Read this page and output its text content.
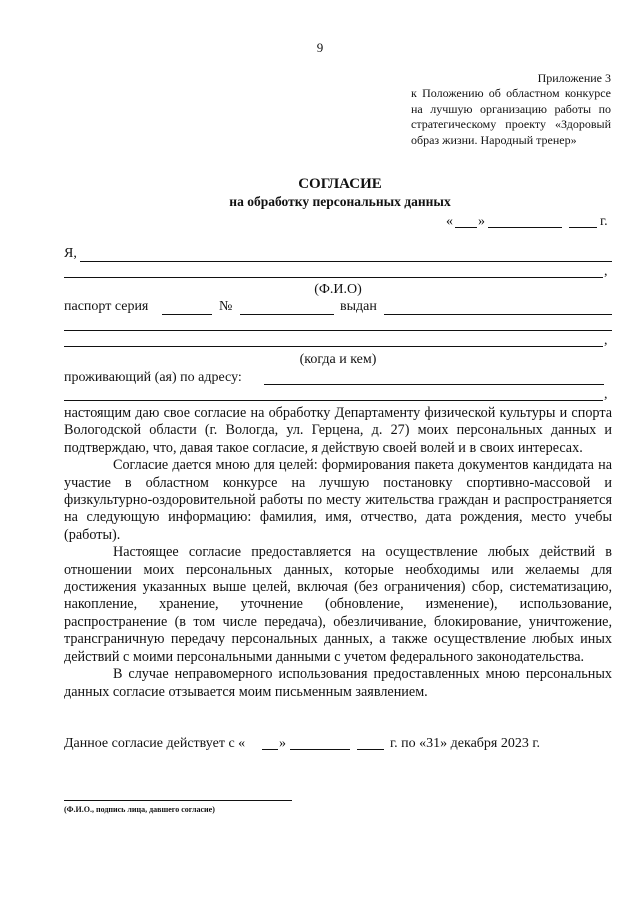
9
Приложение 3
к Положению об областном конкурсе на лучшую организацию работы по стратегическому проекту «Здоровый образ жизни. Народный тренер»
СОГЛАСИЕ
на обработку персональных данных
« »	г.
Я,
,
(Ф.И.О)
паспорт серия	№	выдан
,
(когда и кем)
проживающий (ая) по адресу:
,

настоящим даю свое согласие на обработку Департаменту физической культуры и спорта Вологодской области (г. Вологда, ул. Герцена, д. 27) моих персональных данных и подтверждаю, что, давая такое согласие, я действую своей волей и в своих интересах.

Согласие дается мною для целей: формирования пакета документов кандидата на участие в областном конкурсе на лучшую постановку спортивно-массовой и физкультурно-оздоровительной работы по месту жительства граждан и распространяется на следующую информацию: фамилия, имя, отчество, дата рождения, место учебы (работы).

Настоящее согласие предоставляется на осуществление любых действий в отношении моих персональных данных, которые необходимы или желаемы для достижения указанных выше целей, включая (без ограничения) сбор, систематизацию, накопление, хранение, уточнение (обновление, изменение), использование, распространение (в том числе передача), обезличивание, блокирование, уничтожение, трансграничную передачу персональных данных, а также осуществление любых иных действий с моими персональными данными с учетом федерального законодательства.

В случае неправомерного использования предоставленных мною персональных данных согласие отзывается моим письменным заявлением.

Данное согласие действует с « »	г. по «31» декабря 2023 г.
(Ф.И.О., подпись лица, давшего согласие)
